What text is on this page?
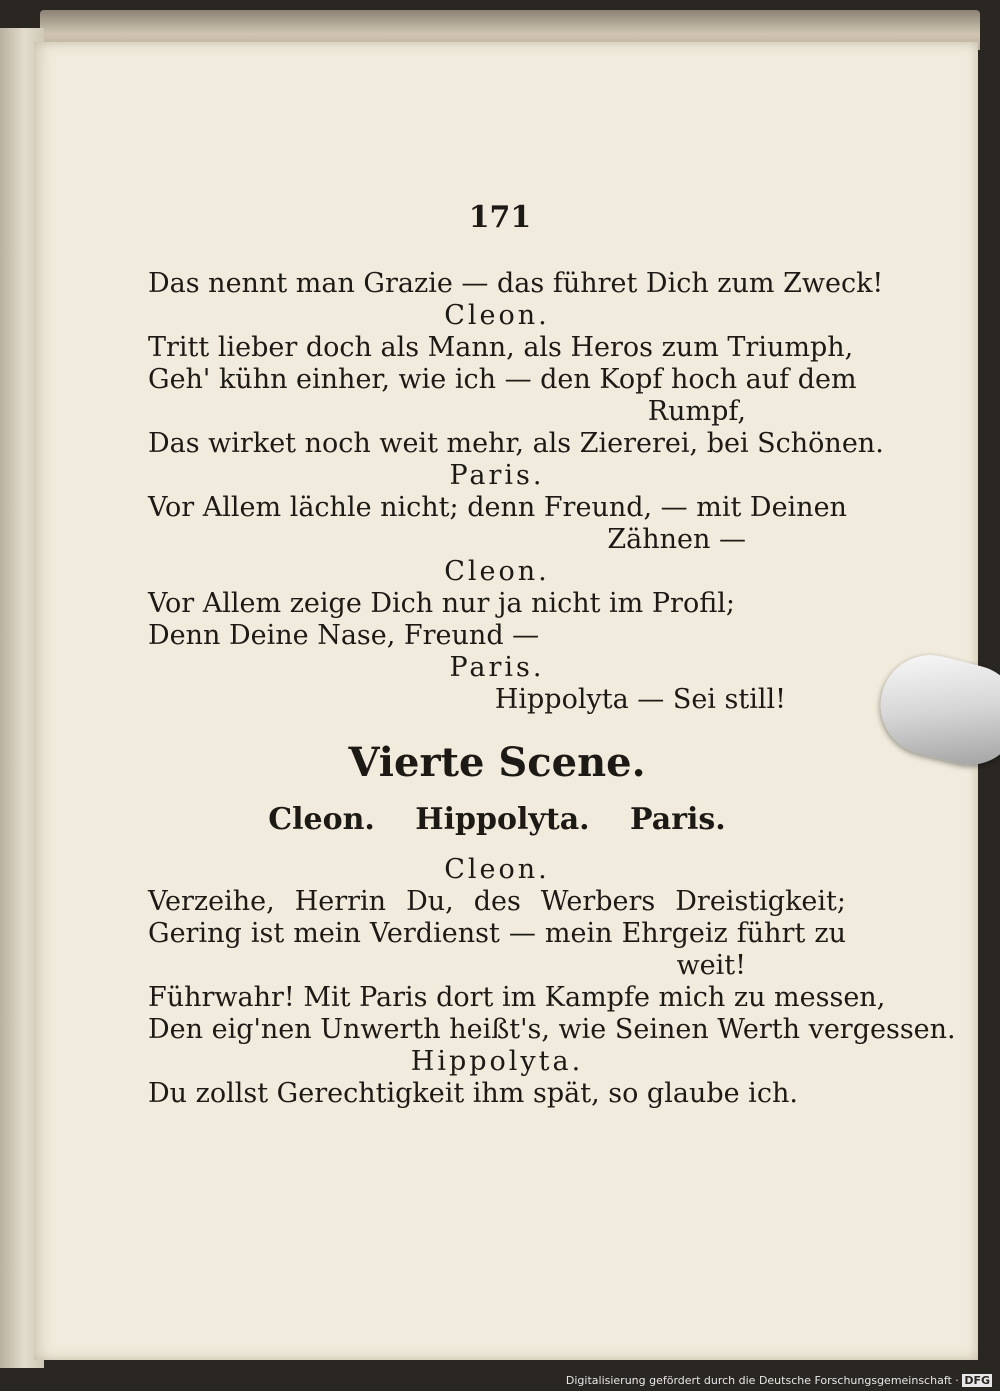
171
Das nennt man Grazie — das führet Dich zum Zweck!
Cleon.
Tritt lieber doch als Mann, als Heros zum Triumph,
Geh' kühn einher, wie ich — den Kopf hoch auf dem
Rumpf,
Das wirket noch weit mehr, als Ziererei, bei Schönen.
Paris.
Vor Allem lächle nicht; denn Freund, — mit Deinen
Zähnen —
Cleon.
Vor Allem zeige Dich nur ja nicht im Profil;
Denn Deine Nase, Freund —
Paris.
Hippolyta — Sei still!
Vierte Scene.
Cleon. Hippolyta. Paris.
Cleon.
Verzeihe, Herrin Du, des Werbers Dreistigkeit;
Gering ist mein Verdienst — mein Ehrgeiz führt zu
weit!
Führwahr! Mit Paris dort im Kampfe mich zu messen,
Den eig'nen Unwerth heißt's, wie Seinen Werth vergessen.
Hippolyta.
Du zollst Gerechtigkeit ihm spät, so glaube ich.
Digitalisierung gefördert durch die Deutsche Forschungsgemeinschaft · DFG
